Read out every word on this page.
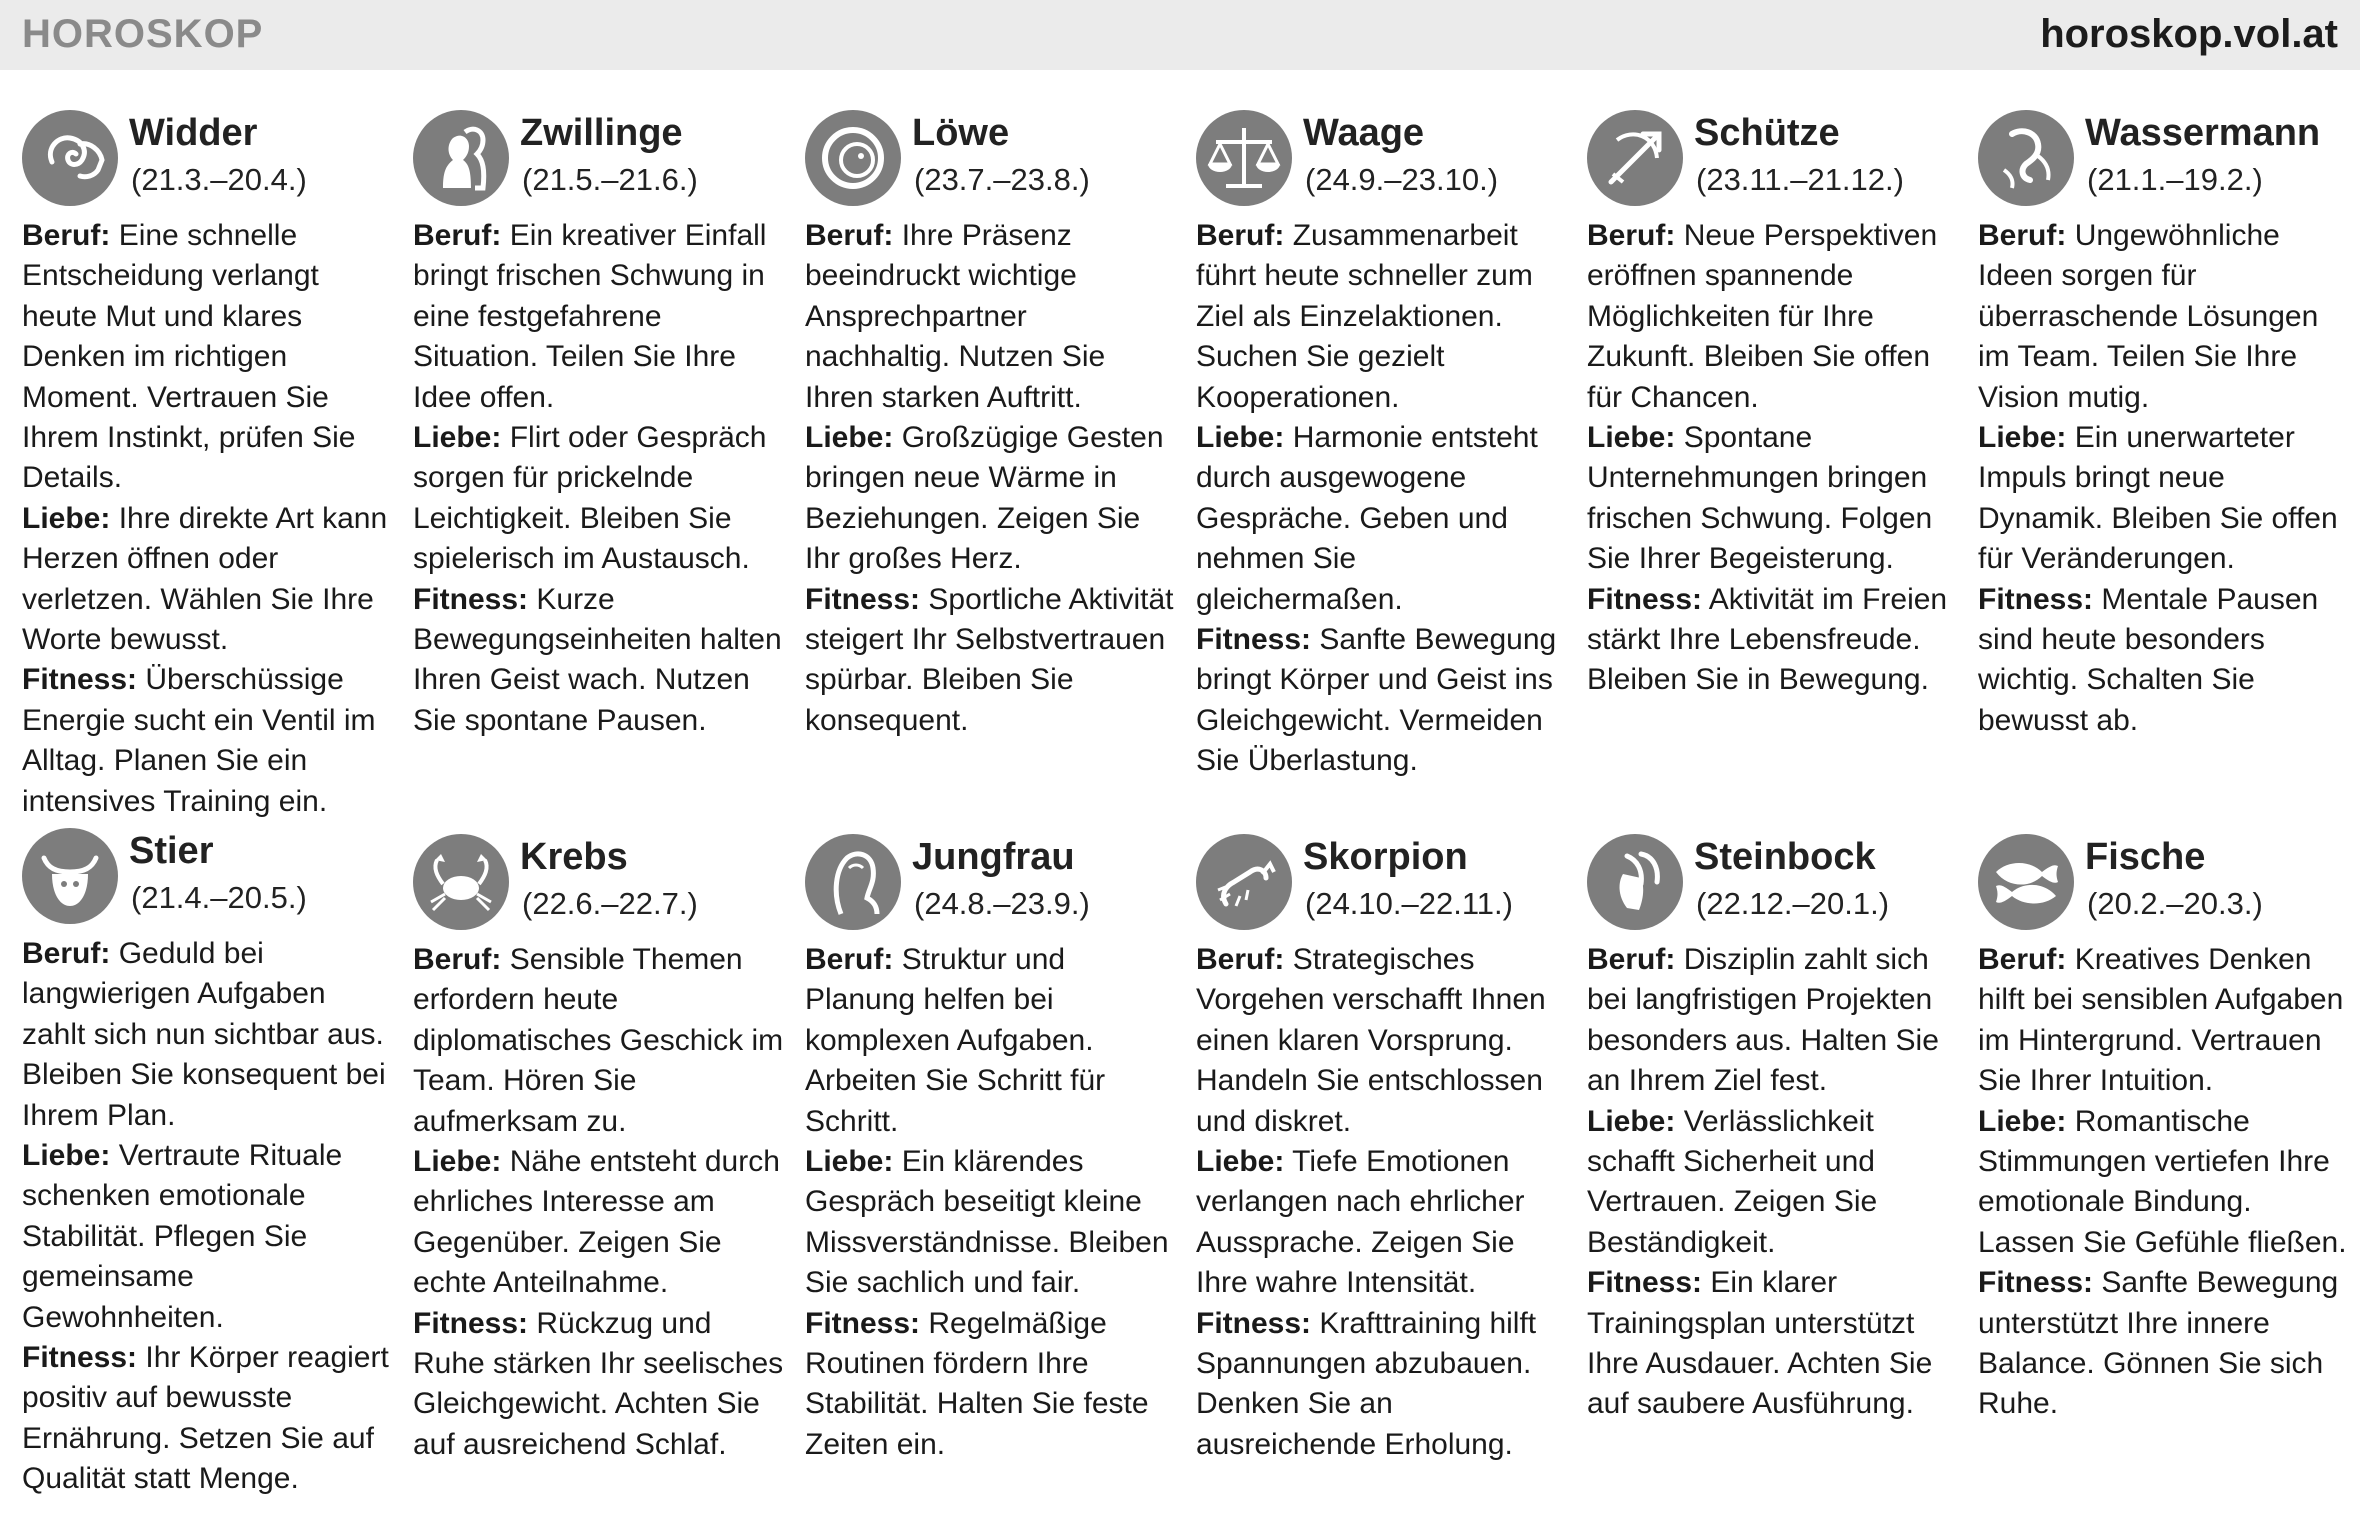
HOROSKOP	horoskop.vol.at
Widder
(21.3.–20.4.)
Beruf: Eine schnelle Entscheidung verlangt heute Mut und klares Denken im richtigen Moment. Vertrauen Sie Ihrem Instinkt, prüfen Sie Details.
Liebe: Ihre direkte Art kann Herzen öffnen oder verletzen. Wählen Sie Ihre Worte bewusst.
Fitness: Überschüssige Energie sucht ein Ventil im Alltag. Planen Sie ein intensives Training ein.
Zwillinge
(21.5.–21.6.)
Beruf: Ein kreativer Einfall bringt frischen Schwung in eine festgefahrene Situation. Teilen Sie Ihre Idee offen.
Liebe: Flirt oder Gespräch sorgen für prickelnde Leichtigkeit. Bleiben Sie spielerisch im Austausch.
Fitness: Kurze Bewegungseinheiten halten Ihren Geist wach. Nutzen Sie spontane Pausen.
Löwe
(23.7.–23.8.)
Beruf: Ihre Präsenz beeindruckt wichtige Ansprechpartner nachhaltig. Nutzen Sie Ihren starken Auftritt.
Liebe: Großzügige Gesten bringen neue Wärme in Beziehungen. Zeigen Sie Ihr großes Herz.
Fitness: Sportliche Aktivität steigert Ihr Selbstvertrauen spürbar. Bleiben Sie konsequent.
Waage
(24.9.–23.10.)
Beruf: Zusammenarbeit führt heute schneller zum Ziel als Einzelaktionen. Suchen Sie gezielt Kooperationen.
Liebe: Harmonie entsteht durch ausgewogene Gespräche. Geben und nehmen Sie gleichermaßen.
Fitness: Sanfte Bewegung bringt Körper und Geist ins Gleichgewicht. Vermeiden Sie Überlastung.
Schütze
(23.11.–21.12.)
Beruf: Neue Perspektiven eröffnen spannende Möglichkeiten für Ihre Zukunft. Bleiben Sie offen für Chancen.
Liebe: Spontane Unternehmungen bringen frischen Schwung. Folgen Sie Ihrer Begeisterung.
Fitness: Aktivität im Freien stärkt Ihre Lebensfreude. Bleiben Sie in Bewegung.
Wassermann
(21.1.–19.2.)
Beruf: Ungewöhnliche Ideen sorgen für überraschende Lösungen im Team. Teilen Sie Ihre Vision mutig.
Liebe: Ein unerwarteter Impuls bringt neue Dynamik. Bleiben Sie offen für Veränderungen.
Fitness: Mentale Pausen sind heute besonders wichtig. Schalten Sie bewusst ab.
Stier
(21.4.–20.5.)
Beruf: Geduld bei langwierigen Aufgaben zahlt sich nun sichtbar aus. Bleiben Sie konsequent bei Ihrem Plan.
Liebe: Vertraute Rituale schenken emotionale Stabilität. Pflegen Sie gemeinsame Gewohnheiten.
Fitness: Ihr Körper reagiert positiv auf bewusste Ernährung. Setzen Sie auf Qualität statt Menge.
Krebs
(22.6.–22.7.)
Beruf: Sensible Themen erfordern heute diplomatisches Geschick im Team. Hören Sie aufmerksam zu.
Liebe: Nähe entsteht durch ehrliches Interesse am Gegenüber. Zeigen Sie echte Anteilnahme.
Fitness: Rückzug und Ruhe stärken Ihr seelisches Gleichgewicht. Achten Sie auf ausreichend Schlaf.
Jungfrau
(24.8.–23.9.)
Beruf: Struktur und Planung helfen bei komplexen Aufgaben. Arbeiten Sie Schritt für Schritt.
Liebe: Ein klärendes Gespräch beseitigt kleine Missverständnisse. Bleiben Sie sachlich und fair.
Fitness: Regelmäßige Routinen fördern Ihre Stabilität. Halten Sie feste Zeiten ein.
Skorpion
(24.10.–22.11.)
Beruf: Strategisches Vorgehen verschafft Ihnen einen klaren Vorsprung. Handeln Sie entschlossen und diskret.
Liebe: Tiefe Emotionen verlangen nach ehrlicher Aussprache. Zeigen Sie Ihre wahre Intensität.
Fitness: Krafttraining hilft Spannungen abzubauen. Denken Sie an ausreichende Erholung.
Steinbock
(22.12.–20.1.)
Beruf: Disziplin zahlt sich bei langfristigen Projekten besonders aus. Halten Sie an Ihrem Ziel fest.
Liebe: Verlässlichkeit schafft Sicherheit und Vertrauen. Zeigen Sie Beständigkeit.
Fitness: Ein klarer Trainingsplan unterstützt Ihre Ausdauer. Achten Sie auf saubere Ausführung.
Fische
(20.2.–20.3.)
Beruf: Kreatives Denken hilft bei sensiblen Aufgaben im Hintergrund. Vertrauen Sie Ihrer Intuition.
Liebe: Romantische Stimmungen vertiefen Ihre emotionale Bindung. Lassen Sie Gefühle fließen.
Fitness: Sanfte Bewegung unterstützt Ihre innere Balance. Gönnen Sie sich Ruhe.
